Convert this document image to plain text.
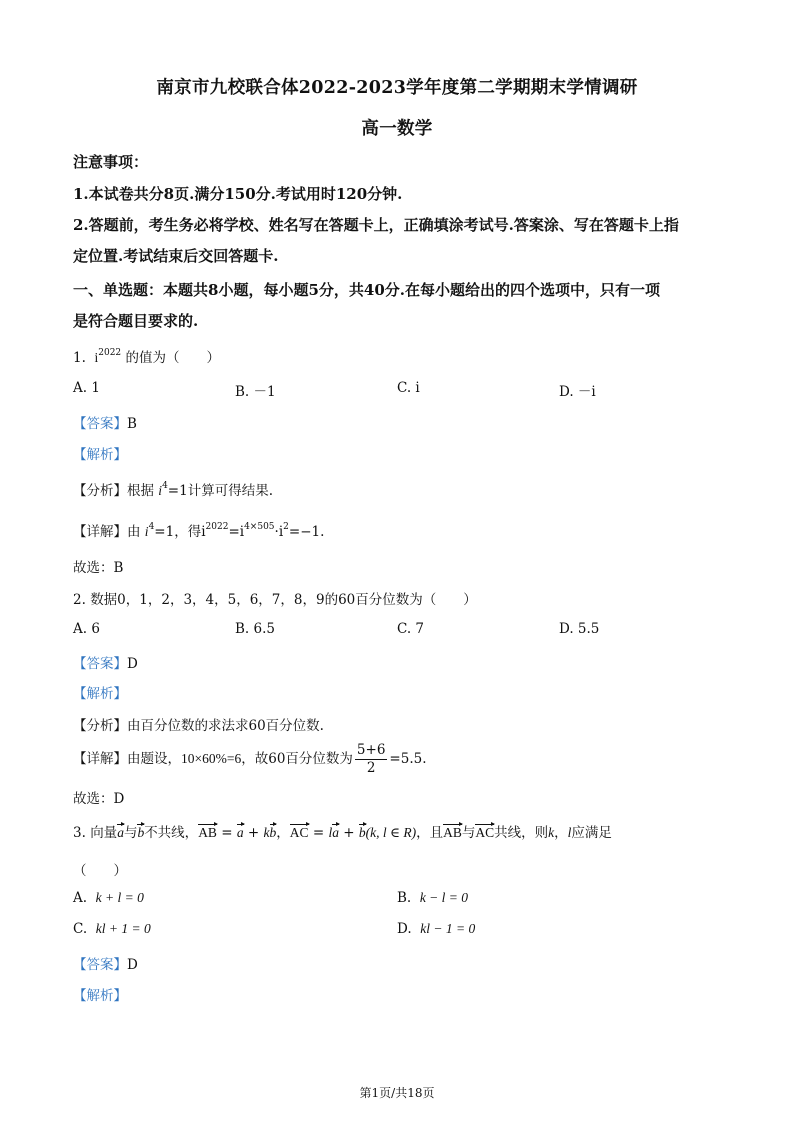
南京市九校联合体2022-2023学年度第二学期期末学情调研
高一数学
注意事项：
1.本试卷共分8页.满分150分.考试用时120分钟.
2.答题前，考生务必将学校、姓名写在答题卡上，正确填涂考试号.答案涂、写在答题卡上指
定位置.考试结束后交回答题卡.
一、单选题：本题共8小题，每小题5分，共40分.在每小题给出的四个选项中，只有一项
是符合题目要求的.
1. $i^{2022}$ 的值为（　　）
A. 1	B. －1	C. i	D. －i
【答案】B
【解析】
【分析】根据 $i^4=1$计算可得结果.
【详解】由 $i^4=1$，得$i^{2022}=i^{4\times 505}\cdot i^2=-1$.
故选：B
2. 数据0，1，2，3，4，5，6，7，8，9的60百分位数为（　　）
A. 6	B. 6.5	C. 7	D. 5.5
【答案】D
【解析】
【分析】由百分位数的求法求60百分位数.
【详解】由题设，10×60%=6，故60百分位数为 $\frac{5+6}{2} =5.5$.
故选：D
3. 向量a与b不共线，AB = a + kb，AC = la + b(k, l ∈ R)，且AB与AC共线，则k，l应满足
（　　）
A. k + l = 0	B. k − l = 0
C. kl + 1 = 0	D. kl − 1 = 0
【答案】D
【解析】
第1页/共18页
